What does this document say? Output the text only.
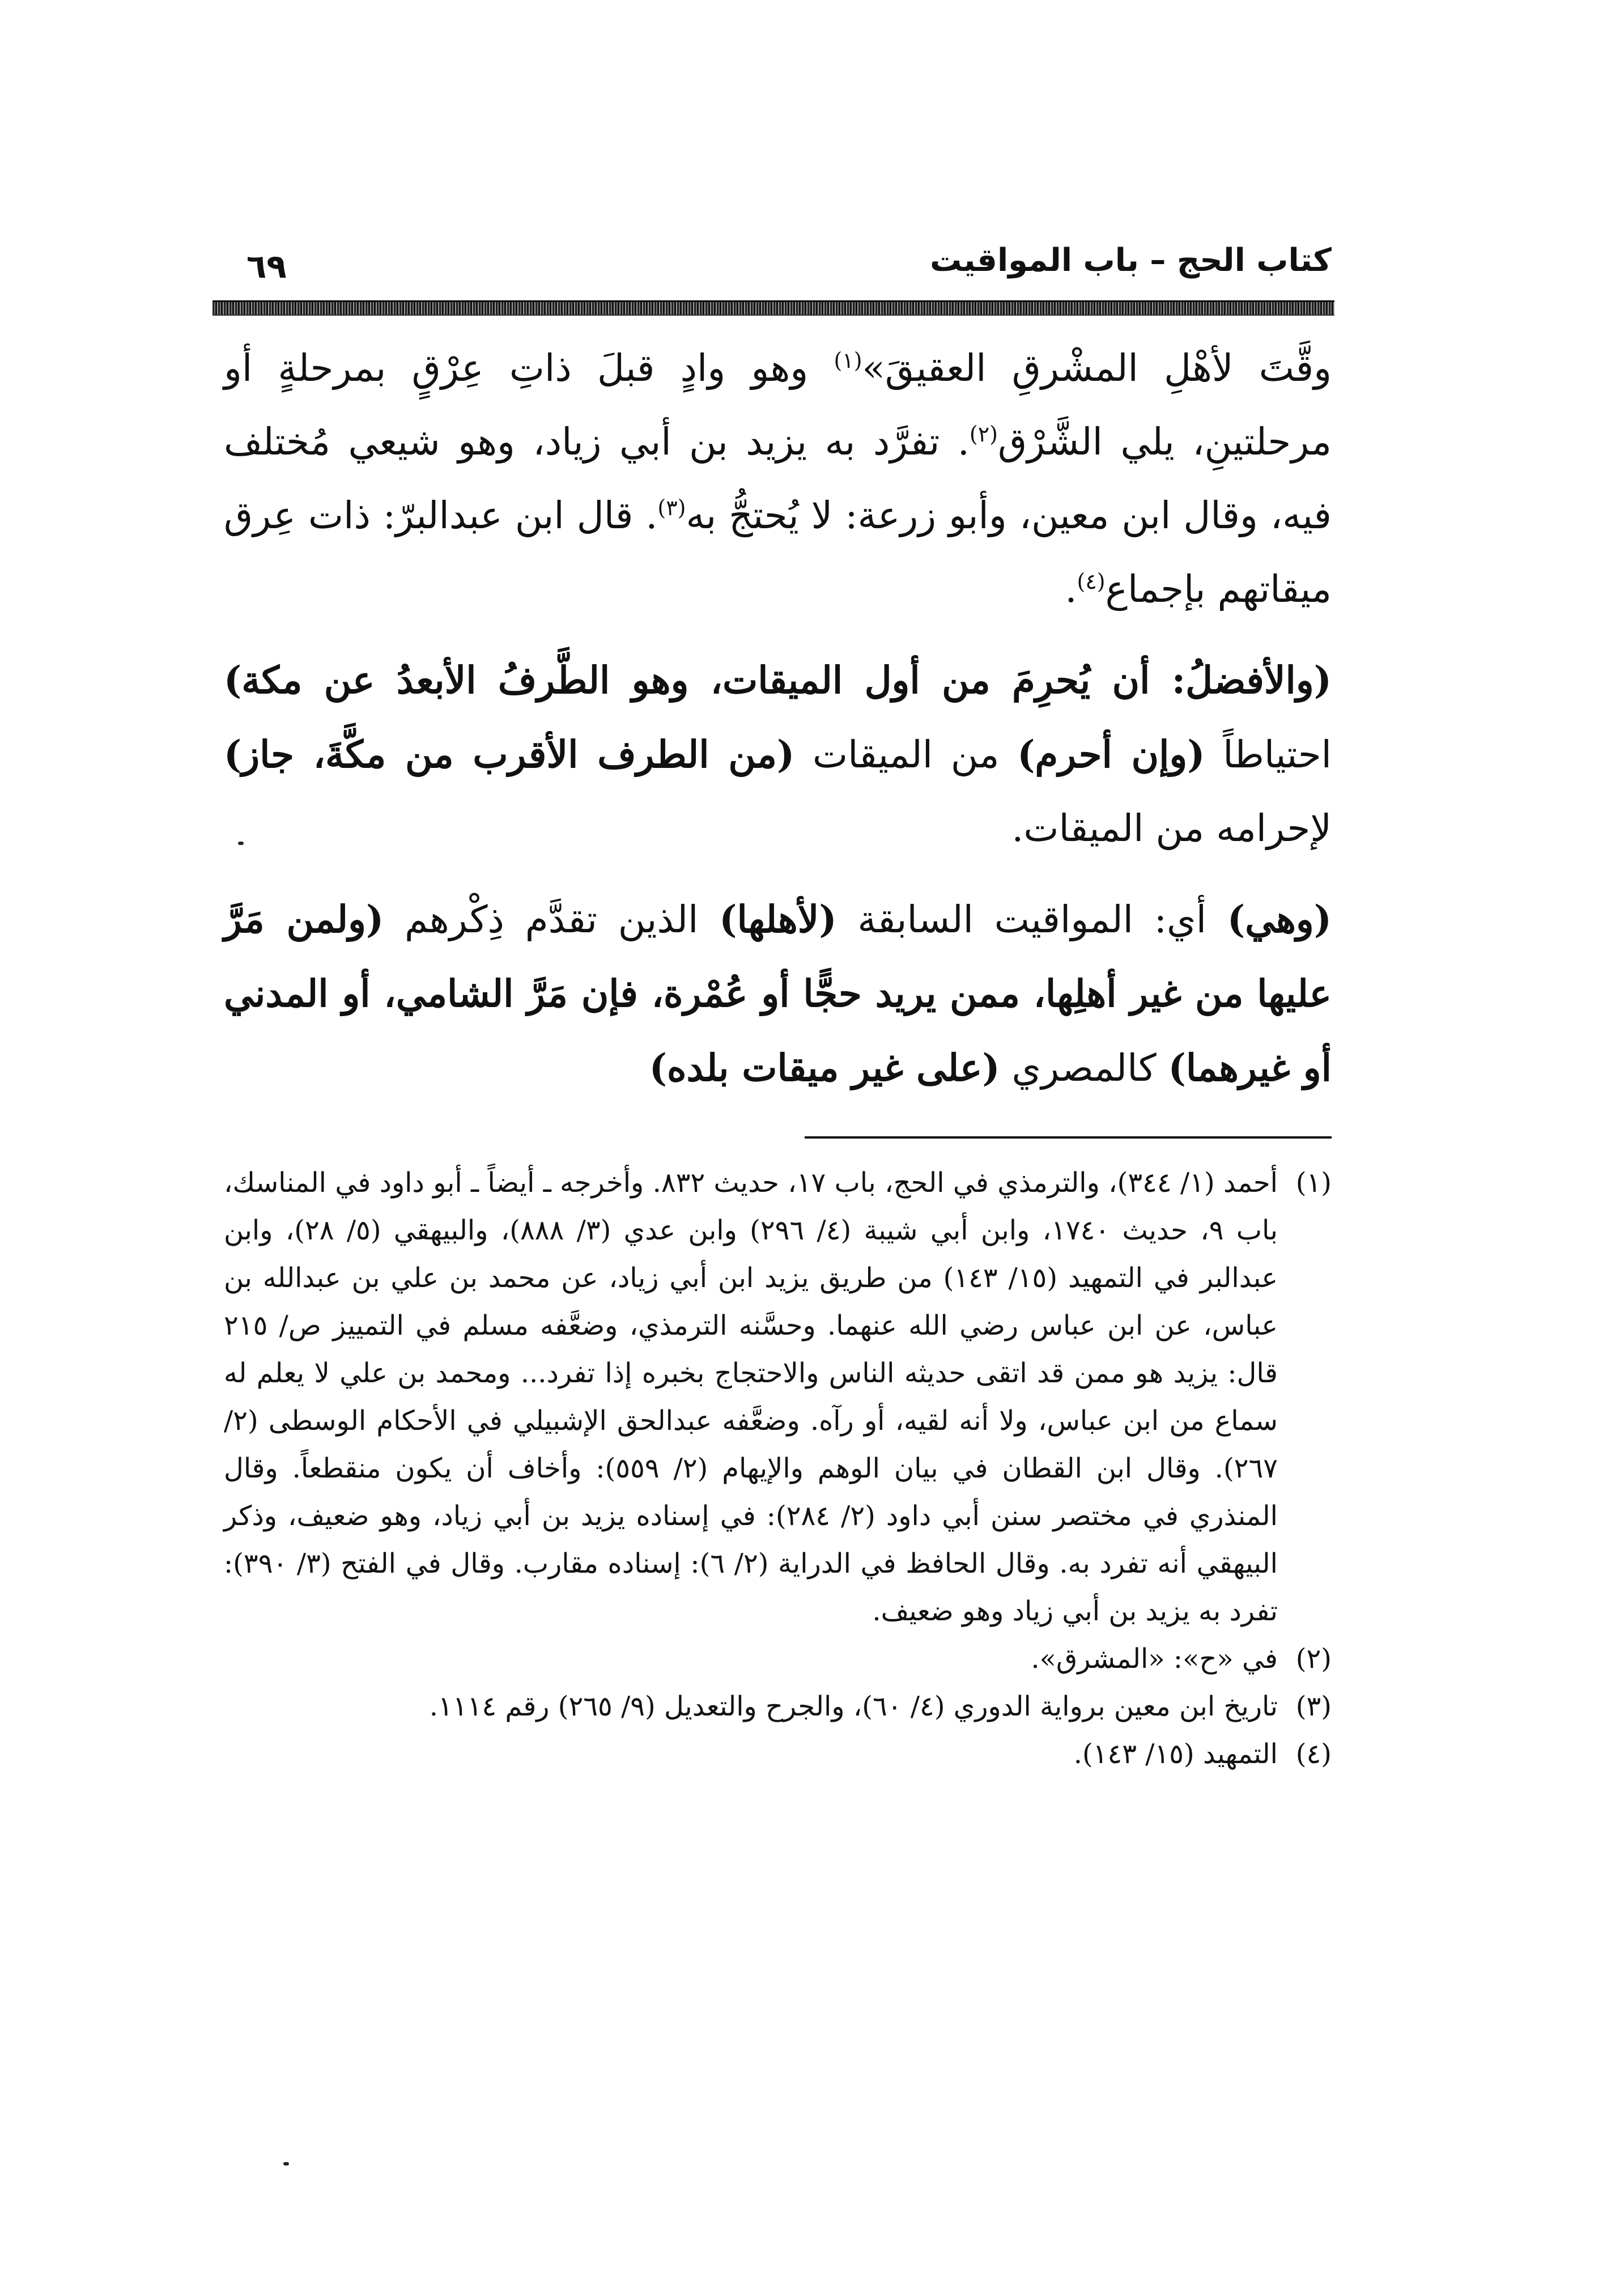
كتاب الحج – باب المواقيت
٦٩
وقَّتَ لأهْلِ المشْرقِ العقيقَ»$^{(١)}$ وهو وادٍ قبلَ ذاتِ عِرْقٍ بمرحلةٍ أو مرحلتينِ، يلي الشَّرْق$^{(٢)}$. تفرَّد به يزيد بن أبي زياد، وهو شيعي مُختلف فيه، وقال ابن معين، وأبو زرعة: لا يُحتجُّ به$^{(٣)}$. قال ابن عبدالبرّ: ذات عِرق ميقاتهم بإجماع$^{(٤)}$.
(والأفضلُ: أن يُحرِمَ من أول الميقات، وهو الطَّرفُ الأبعدُ عن مكة) احتياطاً (وإن أحرم) من الميقات (من الطرف الأقرب من مكَّةَ، جاز) لإحرامه من الميقات.
(وهي) أي: المواقيت السابقة (لأهلها) الذين تقدَّم ذِكْرهم (ولمن مَرَّ عليها من غير أهلِها، ممن يريد حجًّا أو عُمْرة، فإن مَرَّ الشامي، أو المدني أو غيرهما) كالمصري (على غير ميقات بلده)
(١)
أحمد (١/ ٣٤٤)، والترمذي في الحج، باب ١٧، حديث ٨٣٢. وأخرجه ـ أيضاً ـ أبو داود في المناسك، باب ٩، حديث ١٧٤٠، وابن أبي شيبة (٤/ ٢٩٦) وابن عدي (٣/ ٨٨٨)، والبيهقي (٥/ ٢٨)، وابن عبدالبر في التمهيد (١٥/ ١٤٣) من طريق يزيد ابن أبي زياد، عن محمد بن علي بن عبدالله بن عباس، عن ابن عباس رضي الله عنهما. وحسَّنه الترمذي، وضعَّفه مسلم في التمييز ص/ ٢١٥ قال: يزيد هو ممن قد اتقى حديثه الناس والاحتجاج بخبره إذا تفرد... ومحمد بن علي لا يعلم له سماع من ابن عباس، ولا أنه لقيه، أو رآه. وضعَّفه عبدالحق الإشبيلي في الأحكام الوسطى (٢/ ٢٦٧). وقال ابن القطان في بيان الوهم والإيهام (٢/ ٥٥٩): وأخاف أن يكون منقطعاً. وقال المنذري في مختصر سنن أبي داود (٢/ ٢٨٤): في إسناده يزيد بن أبي زياد، وهو ضعيف، وذكر البيهقي أنه تفرد به. وقال الحافظ في الدراية (٢/ ٦): إسناده مقارب. وقال في الفتح (٣/ ٣٩٠): تفرد به يزيد بن أبي زياد وهو ضعيف.
(٢)
في «ح»: «المشرق».
(٣)
تاريخ ابن معين برواية الدوري (٤/ ٦٠)، والجرح والتعديل (٩/ ٢٦٥) رقم ١١١٤.
(٤)
التمهيد (١٥/ ١٤٣).
